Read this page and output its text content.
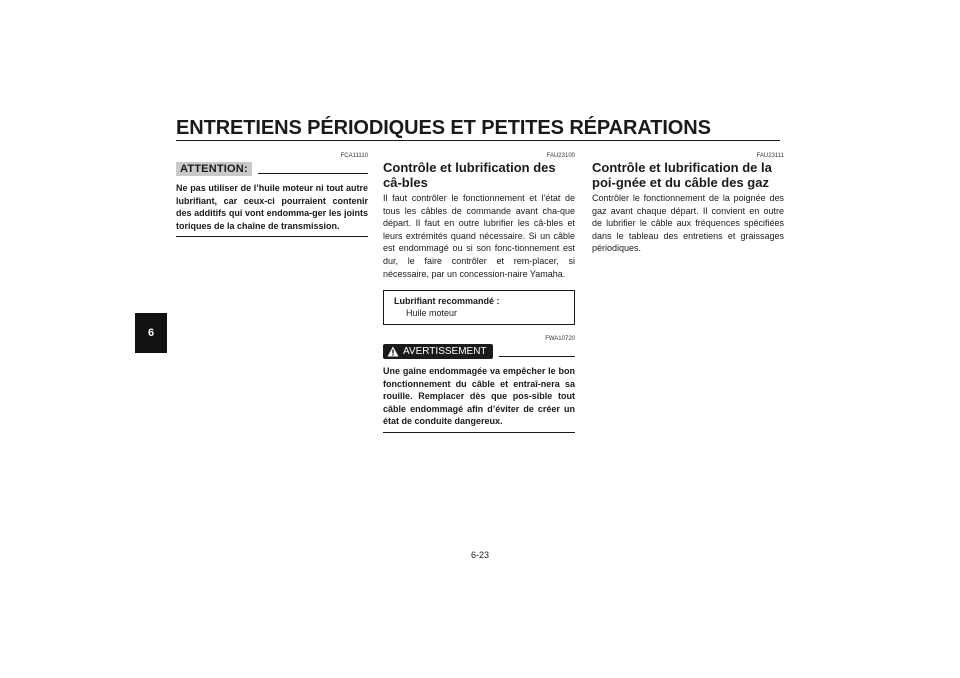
ENTRETIENS PÉRIODIQUES ET PETITES RÉPARATIONS
6
FCA11110
ATTENTION:

Ne pas utiliser de l’huile moteur ni tout autre lubrifiant, car ceux-ci pourraient contenir des additifs qui vont endomma-ger les joints toriques de la chaîne de transmission.

FAU23100
Contrôle et lubrification des câ-bles

Il faut contrôler le fonctionnement et l’état de tous les câbles de commande avant cha-que départ. Il faut en outre lubrifier les câ-bles et leurs extrémités quand nécessaire. Si un câble est endommagé ou si son fonc-tionnement est dur, le faire contrôler et rem-placer, si nécessaire, par un concession-naire Yamaha.

Lubrifiant recommandé :
Huile moteur
FWA10720
AVERTISSEMENT

Une gaine endommagée va empêcher le bon fonctionnement du câble et entraî-nera sa rouille. Remplacer dès que pos-sible tout câble endommagé afin d’éviter de créer un état de conduite dangereux.

FAU23111
Contrôle et lubrification de la poi-gnée et du câble des gaz

Contrôler le fonctionnement de la poignée des gaz avant chaque départ. Il convient en outre de lubrifier le câble aux fréquences spécifiées dans le tableau des entretiens et graissages périodiques.

6-23
